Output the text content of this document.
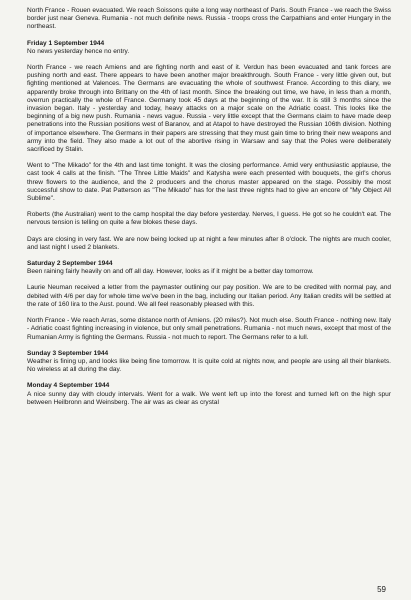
North France - Rouen evacuated. We reach Soissons quite a long way northeast of Paris. South France - we reach the Swiss border just near Geneva. Rumania - not much definite news. Russia - troops cross the Carpathians and enter Hungary in the northeast.
Friday 1 September 1944
No news yesterday hence no entry.
North France - we reach Amiens and are fighting north and east of it. Verdun has been evacuated and tank forces are pushing north and east. There appears to have been another major breakthrough. South France - very little given out, but fighting mentioned at Valences. The Germans are evacuating the whole of southwest France. According to this diary, we apparently broke through into Brittany on the 4th of last month. Since the breaking out time, we have, in less than a month, overrun practically the whole of France. Germany took 45 days at the beginning of the war. It is still 3 months since the invasion began. Italy - yesterday and today, heavy attacks on a major scale on the Adriatic coast. This looks like the beginning of a big new push. Rumania - news vague. Russia - very little except that the Germans claim to have made deep penetrations into the Russian positions west of Baranov, and at Atapol to have destroyed the Russian 106th division. Nothing of importance elsewhere. The Germans in their papers are stressing that they must gain time to bring their new weapons and army into the field. They also made a lot out of the abortive rising in Warsaw and say that the Poles were deliberately sacrificed by Stalin.
Went to "The Mikado" for the 4th and last time tonight. It was the closing performance. Amid very enthusiastic applause, the cast took 4 calls at the finish. "The Three Little Maids" and Katysha were each presented with bouquets, the girl's chorus threw flowers to the audience, and the 2 producers and the chorus master appeared on the stage. Possibly the most successful show to date. Pat Patterson as "The Mikado" has for the last three nights had to give an encore of "My Object All Sublime".
Roberts (the Australian) went to the camp hospital the day before yesterday. Nerves, I guess. He got so he couldn't eat. The nervous tension is telling on quite a few blokes these days.
Days are closing in very fast. We are now being locked up at night a few minutes after 8 o'clock. The nights are much cooler, and last night I used 2 blankets.
Saturday 2 September 1944
Been raining fairly heavily on and off all day. However, looks as if it might be a better day tomorrow.
Laurie Neuman received a letter from the paymaster outlining our pay position. We are to be credited with normal pay, and debited with 4/6 per day for whole time we've been in the bag, including our Italian period. Any Italian credits will be settled at the rate of 160 lira to the Aust. pound. We all feel reasonably pleased with this.
North France - We reach Arras, some distance north of Amiens. (20 miles?). Not much else. South France - nothing new. Italy - Adriatic coast fighting increasing in violence, but only small penetrations. Rumania - not much news, except that most of the Rumanian Army is fighting the Germans. Russia - not much to report. The Germans refer to a lull.
Sunday 3 September 1944
Weather is fining up, and looks like being fine tomorrow. It is quite cold at nights now, and people are using all their blankets. No wireless at all during the day.
Monday 4 September 1944
A nice sunny day with cloudy intervals. Went for a walk. We went left up into the forest and turned left on the high spur between Heilbronn and Weinsberg. The air was as clear as crystal
59
